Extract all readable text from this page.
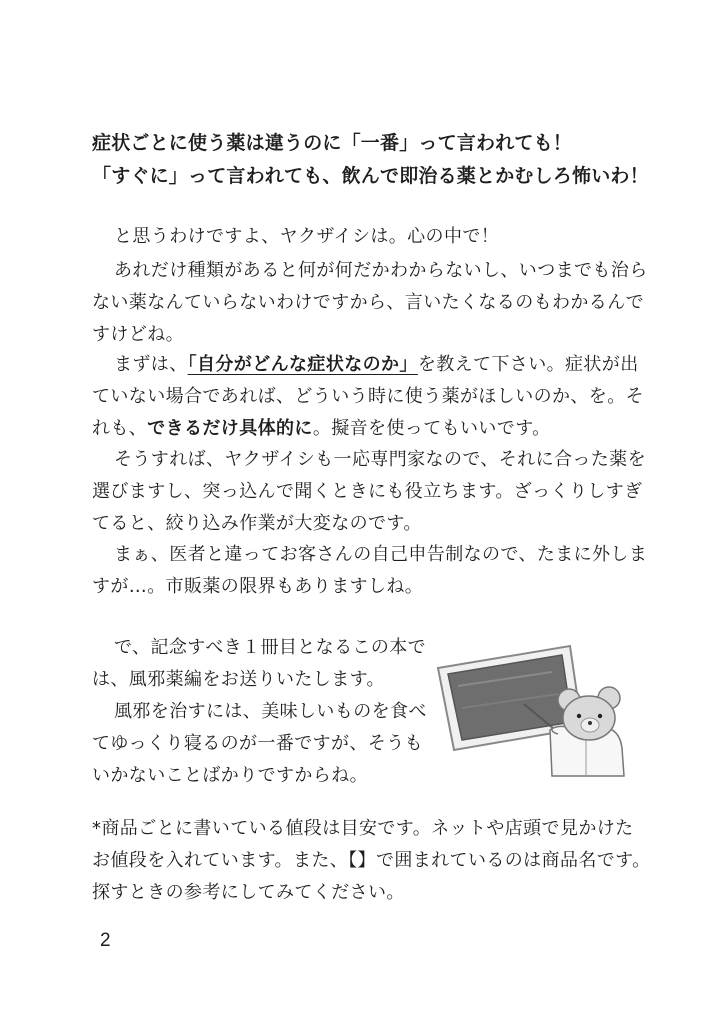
症状ごとに使う薬は違うのに「一番」って言われても！
「すぐに」って言われても、飲んで即治る薬とかむしろ怖いわ！
と思うわけですよ、ヤクザイシは。心の中で！
あれだけ種類があると何が何だかわからないし、いつまでも治ら
ない薬なんていらないわけですから、言いたくなるのもわかるんで
すけどね。
まずは、「自分がどんな症状なのか」を教えて下さい。症状が出
ていない場合であれば、どういう時に使う薬がほしいのか、を。そ
れも、できるだけ具体的に。擬音を使ってもいいです。
そうすれば、ヤクザイシも一応専門家なので、それに合った薬を
選びますし、突っ込んで聞くときにも役立ちます。ざっくりしすぎ
てると、絞り込み作業が大変なのです。
まぁ、医者と違ってお客さんの自己申告制なので、たまに外しま
すが…。市販薬の限界もありますしね。
で、記念すべき１冊目となるこの本で
は、風邪薬編をお送りいたします。
風邪を治すには、美味しいものを食べ
てゆっくり寝るのが一番ですが、そうも
いかないことばかりですからね。
*商品ごとに書いている値段は目安です。ネットや店頭で見かけた
お値段を入れています。また、【】で囲まれているのは商品名です。
探すときの参考にしてみてください。
2
